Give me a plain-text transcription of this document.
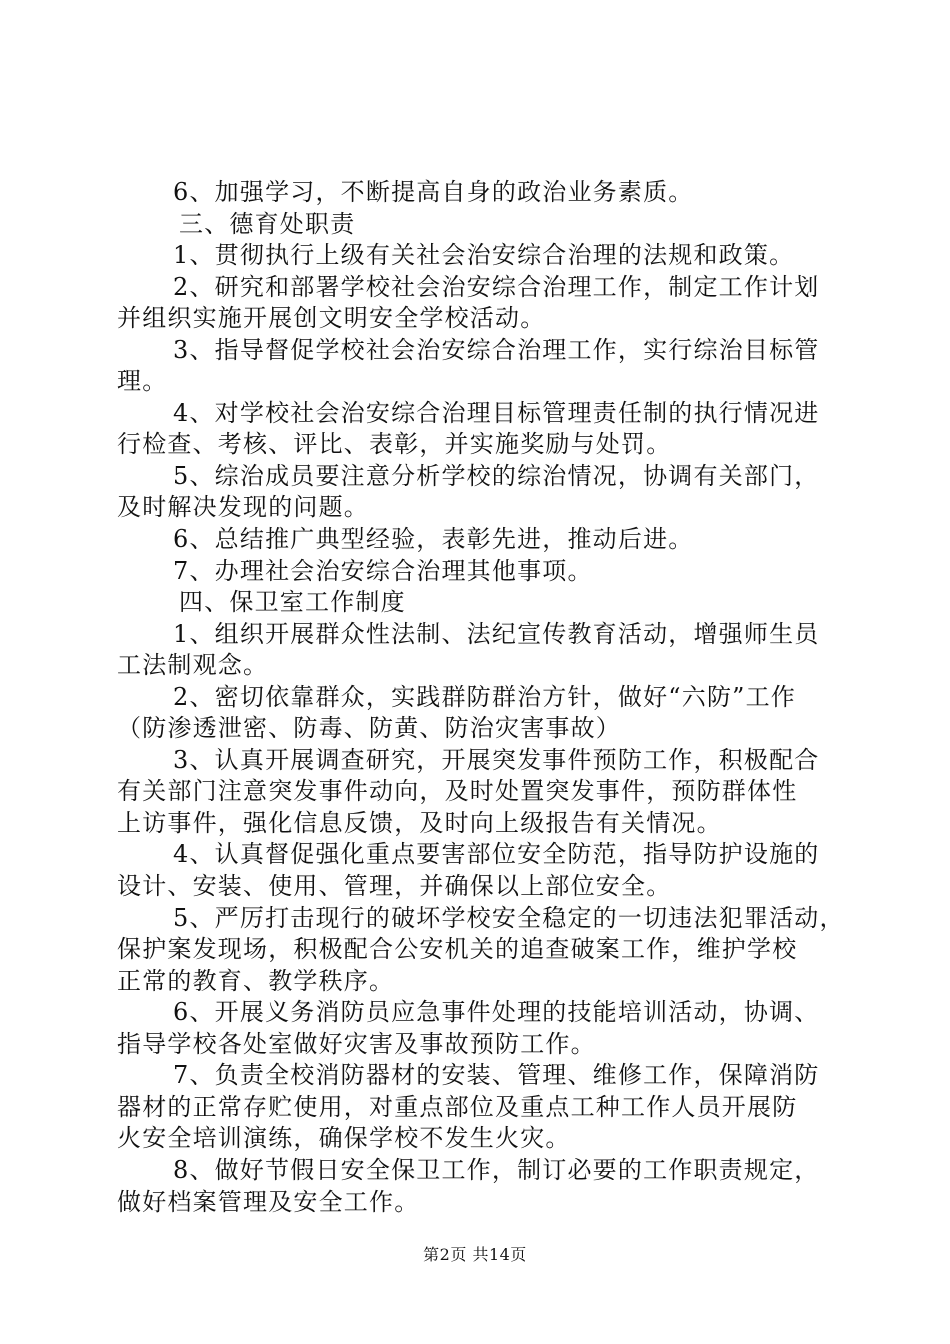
6、加强学习，不断提高自身的政治业务素质。
三、德育处职责
1、贯彻执行上级有关社会治安综合治理的法规和政策。
2、研究和部署学校社会治安综合治理工作，制定工作计划
并组织实施开展创文明安全学校活动。
3、指导督促学校社会治安综合治理工作，实行综治目标管
理。
4、对学校社会治安综合治理目标管理责任制的执行情况进
行检查、考核、评比、表彰，并实施奖励与处罚。
5、综治成员要注意分析学校的综治情况，协调有关部门，
及时解决发现的问题。
6、总结推广典型经验，表彰先进，推动后进。
7、办理社会治安综合治理其他事项。
四、保卫室工作制度
1、组织开展群众性法制、法纪宣传教育活动，增强师生员
工法制观念。
2、密切依靠群众，实践群防群治方针，做好“六防”工作
（防渗透泄密、防毒、防黄、防治灾害事故）
3、认真开展调查研究，开展突发事件预防工作，积极配合
有关部门注意突发事件动向，及时处置突发事件，预防群体性
上访事件，强化信息反馈，及时向上级报告有关情况。
4、认真督促强化重点要害部位安全防范，指导防护设施的
设计、安装、使用、管理，并确保以上部位安全。
5、严厉打击现行的破坏学校安全稳定的一切违法犯罪活动，
保护案发现场，积极配合公安机关的追查破案工作，维护学校
正常的教育、教学秩序。
6、开展义务消防员应急事件处理的技能培训活动，协调、
指导学校各处室做好灾害及事故预防工作。
7、负责全校消防器材的安装、管理、维修工作，保障消防
器材的正常存贮使用，对重点部位及重点工种工作人员开展防
火安全培训演练，确保学校不发生火灾。
8、做好节假日安全保卫工作，制订必要的工作职责规定，
做好档案管理及安全工作。
第2页 共14页
